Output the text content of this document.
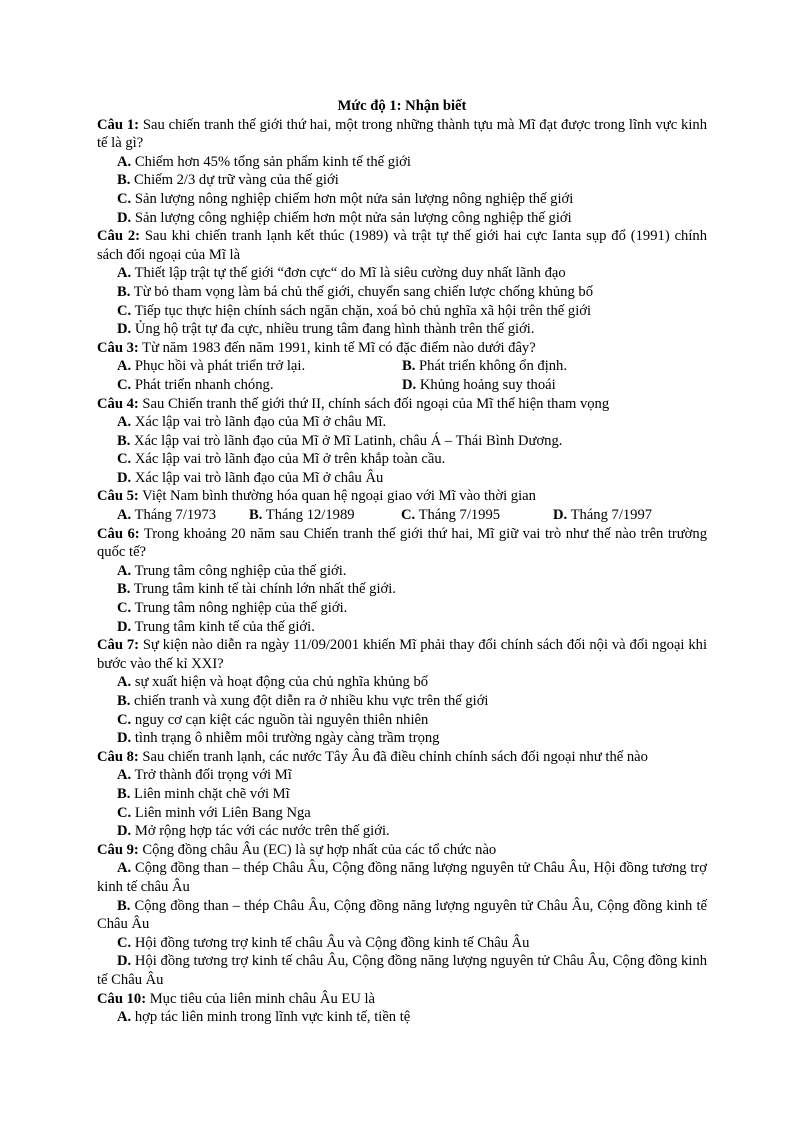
Mức độ 1: Nhận biết

Câu 1: Sau chiến tranh thế giới thứ hai, một trong những thành tựu mà Mĩ đạt được trong lĩnh vực kinh tế là gì?

A. Chiếm hơn 45% tổng sản phẩm kinh tế thế giới

B. Chiếm 2/3 dự trữ vàng của thế giới

C. Sản lượng nông nghiệp chiếm hơn một nửa sản lượng nông nghiệp thế giới

D. Sản lượng công nghiệp chiếm hơn một nửa sản lượng công nghiệp thế giới

Câu 2: Sau khi chiến tranh lạnh kết thúc (1989) và trật tự thế giới hai cực Ianta sụp đổ (1991) chính sách đối ngoại của Mĩ là

A. Thiết lập trật tự thế giới “đơn cực“ do Mĩ là siêu cường duy nhất lãnh đạo

B. Từ bỏ tham vọng làm bá chủ thế giới, chuyển sang chiến lược chống khủng bố

C. Tiếp tục thực hiện chính sách ngăn chặn, xoá bỏ chủ nghĩa xã hội trên thế giới

D. Ủng hộ trật tự đa cực, nhiều trung tâm đang hình thành trên thế giới.

Câu 3: Từ năm 1983 đến năm 1991, kinh tế Mĩ có đặc điểm nào dưới đây?

A. Phục hồi và phát triển trở lại.	B. Phát triển không ổn định.

C. Phát triển nhanh chóng.	D. Khủng hoảng suy thoái

Câu 4: Sau Chiến tranh thế giới thứ II, chính sách đối ngoại của Mĩ thể hiện tham vọng

A. Xác lập vai trò lãnh đạo của Mĩ ở châu Mĩ.

B. Xác lập vai trò lãnh đạo của Mĩ ở Mĩ Latinh, châu Á – Thái Bình Dương.

C. Xác lập vai trò lãnh đạo của Mĩ ở trên khắp toàn cầu.

D. Xác lập vai trò lãnh đạo của Mĩ ở châu Âu

Câu 5: Việt Nam bình thường hóa quan hệ ngoại giao với Mĩ vào thời gian

A. Tháng 7/1973	B. Tháng 12/1989	C. Tháng 7/1995	D. Tháng 7/1997

Câu 6: Trong khoảng 20 năm sau Chiến tranh thế giới thứ hai, Mĩ giữ vai trò như thế nào trên trường quốc tế?

A. Trung tâm công nghiệp của thế giới.

B. Trung tâm kinh tế tài chính lớn nhất thế giới.

C. Trung tâm nông nghiệp của thế giới.

D. Trung tâm kinh tế của thế giới.

Câu 7: Sự kiện nào diễn ra ngày 11/09/2001 khiến Mĩ phải thay đổi chính sách đối nội và đối ngoại khi bước vào thế kỉ XXI?

A. sự xuất hiện và hoạt động của chủ nghĩa khủng bố

B. chiến tranh và xung đột diễn ra ở nhiều khu vực trên thế giới

C. nguy cơ cạn kiệt các nguồn tài nguyên thiên nhiên

D. tình trạng ô nhiễm môi trường ngày càng trầm trọng

Câu 8: Sau chiến tranh lạnh, các nước Tây Âu đã điều chỉnh chính sách đối ngoại như thế nào

A. Trở thành đối trọng với Mĩ

B. Liên minh chặt chẽ với Mĩ

C. Liên minh với Liên Bang Nga

D. Mở rộng hợp tác với các nước trên thế giới.

Câu 9: Cộng đồng châu Âu (EC) là sự hợp nhất của các tổ chức nào

A. Cộng đồng than – thép Châu Âu, Cộng đồng năng lượng nguyên tử Châu Âu, Hội đồng tương trợ kinh tế châu Âu

B. Cộng đồng than – thép Châu Âu, Cộng đồng năng lượng nguyên tử Châu Âu, Cộng đồng kinh tế Châu Âu

C. Hội đồng tương trợ kinh tế châu Âu và Cộng đồng kinh tế Châu Âu

D. Hội đồng tương trợ kinh tế châu Âu, Cộng đồng năng lượng nguyên tử Châu Âu, Cộng đồng kinh tế Châu Âu

Câu 10: Mục tiêu của liên minh châu Âu EU là

A. hợp tác liên minh trong lĩnh vực kinh tế, tiền tệ
